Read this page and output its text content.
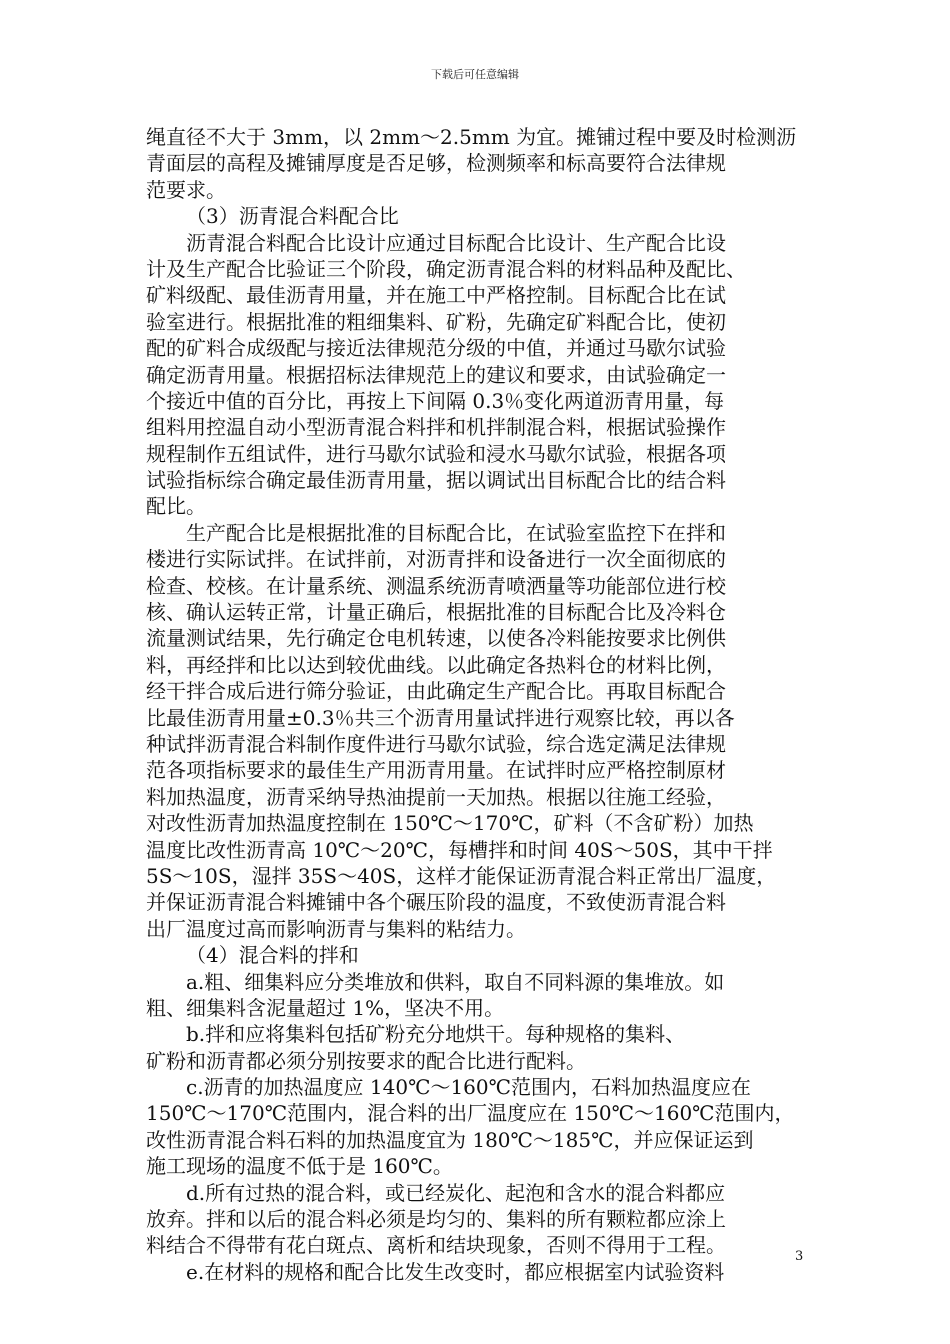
下载后可任意编辑
绳直径不大于 3mm，以 2mm～2.5mm 为宜。摊铺过程中要及时检测沥
青面层的高程及摊铺厚度是否足够，检测频率和标高要符合法律规
范要求。
（3）沥青混合料配合比
沥青混合料配合比设计应通过目标配合比设计、生产配合比设
计及生产配合比验证三个阶段，确定沥青混合料的材料品种及配比、
矿料级配、最佳沥青用量，并在施工中严格控制。目标配合比在试
验室进行。根据批准的粗细集料、矿粉，先确定矿料配合比，使初
配的矿料合成级配与接近法律规范分级的中值，并通过马歇尔试验
确定沥青用量。根据招标法律规范上的建议和要求，由试验确定一
个接近中值的百分比，再按上下间隔 0.3％变化两道沥青用量，每
组料用控温自动小型沥青混合料拌和机拌制混合料，根据试验操作
规程制作五组试件，进行马歇尔试验和浸水马歇尔试验，根据各项
试验指标综合确定最佳沥青用量，据以调试出目标配合比的结合料
配比。
生产配合比是根据批准的目标配合比，在试验室监控下在拌和
楼进行实际试拌。在试拌前，对沥青拌和设备进行一次全面彻底的
检查、校核。在计量系统、测温系统沥青喷洒量等功能部位进行校
核、确认运转正常，计量正确后，根据批准的目标配合比及冷料仓
流量测试结果，先行确定仓电机转速，以使各冷料能按要求比例供
料，再经拌和比以达到较优曲线。以此确定各热料仓的材料比例，
经干拌合成后进行筛分验证，由此确定生产配合比。再取目标配合
比最佳沥青用量±0.3％共三个沥青用量试拌进行观察比较，再以各
种试拌沥青混合料制作度件进行马歇尔试验，综合选定满足法律规
范各项指标要求的最佳生产用沥青用量。在试拌时应严格控制原材
料加热温度，沥青采纳导热油提前一天加热。根据以往施工经验，
对改性沥青加热温度控制在 150℃～170℃，矿料（不含矿粉）加热
温度比改性沥青高 10℃～20℃，每槽拌和时间 40S～50S，其中干拌
5S～10S，湿拌 35S～40S，这样才能保证沥青混合料正常出厂温度，
并保证沥青混合料摊铺中各个碾压阶段的温度，不致使沥青混合料
出厂温度过高而影响沥青与集料的粘结力。
（4）混合料的拌和
a.粗、细集料应分类堆放和供料，取自不同料源的集堆放。如
粗、细集料含泥量超过 1%，坚决不用。
b.拌和应将集料包括矿粉充分地烘干。每种规格的集料、
矿粉和沥青都必须分别按要求的配合比进行配料。
c.沥青的加热温度应 140℃～160℃范围内，石料加热温度应在
150℃～170℃范围内，混合料的出厂温度应在 150℃～160℃范围内，
改性沥青混合料石料的加热温度宜为 180℃～185℃，并应保证运到
施工现场的温度不低于是 160℃。
d.所有过热的混合料，或已经炭化、起泡和含水的混合料都应
放弃。拌和以后的混合料必须是均匀的、集料的所有颗粒都应涂上
料结合不得带有花白斑点、离析和结块现象，否则不得用于工程。
e.在材料的规格和配合比发生改变时，都应根据室内试验资料
3
